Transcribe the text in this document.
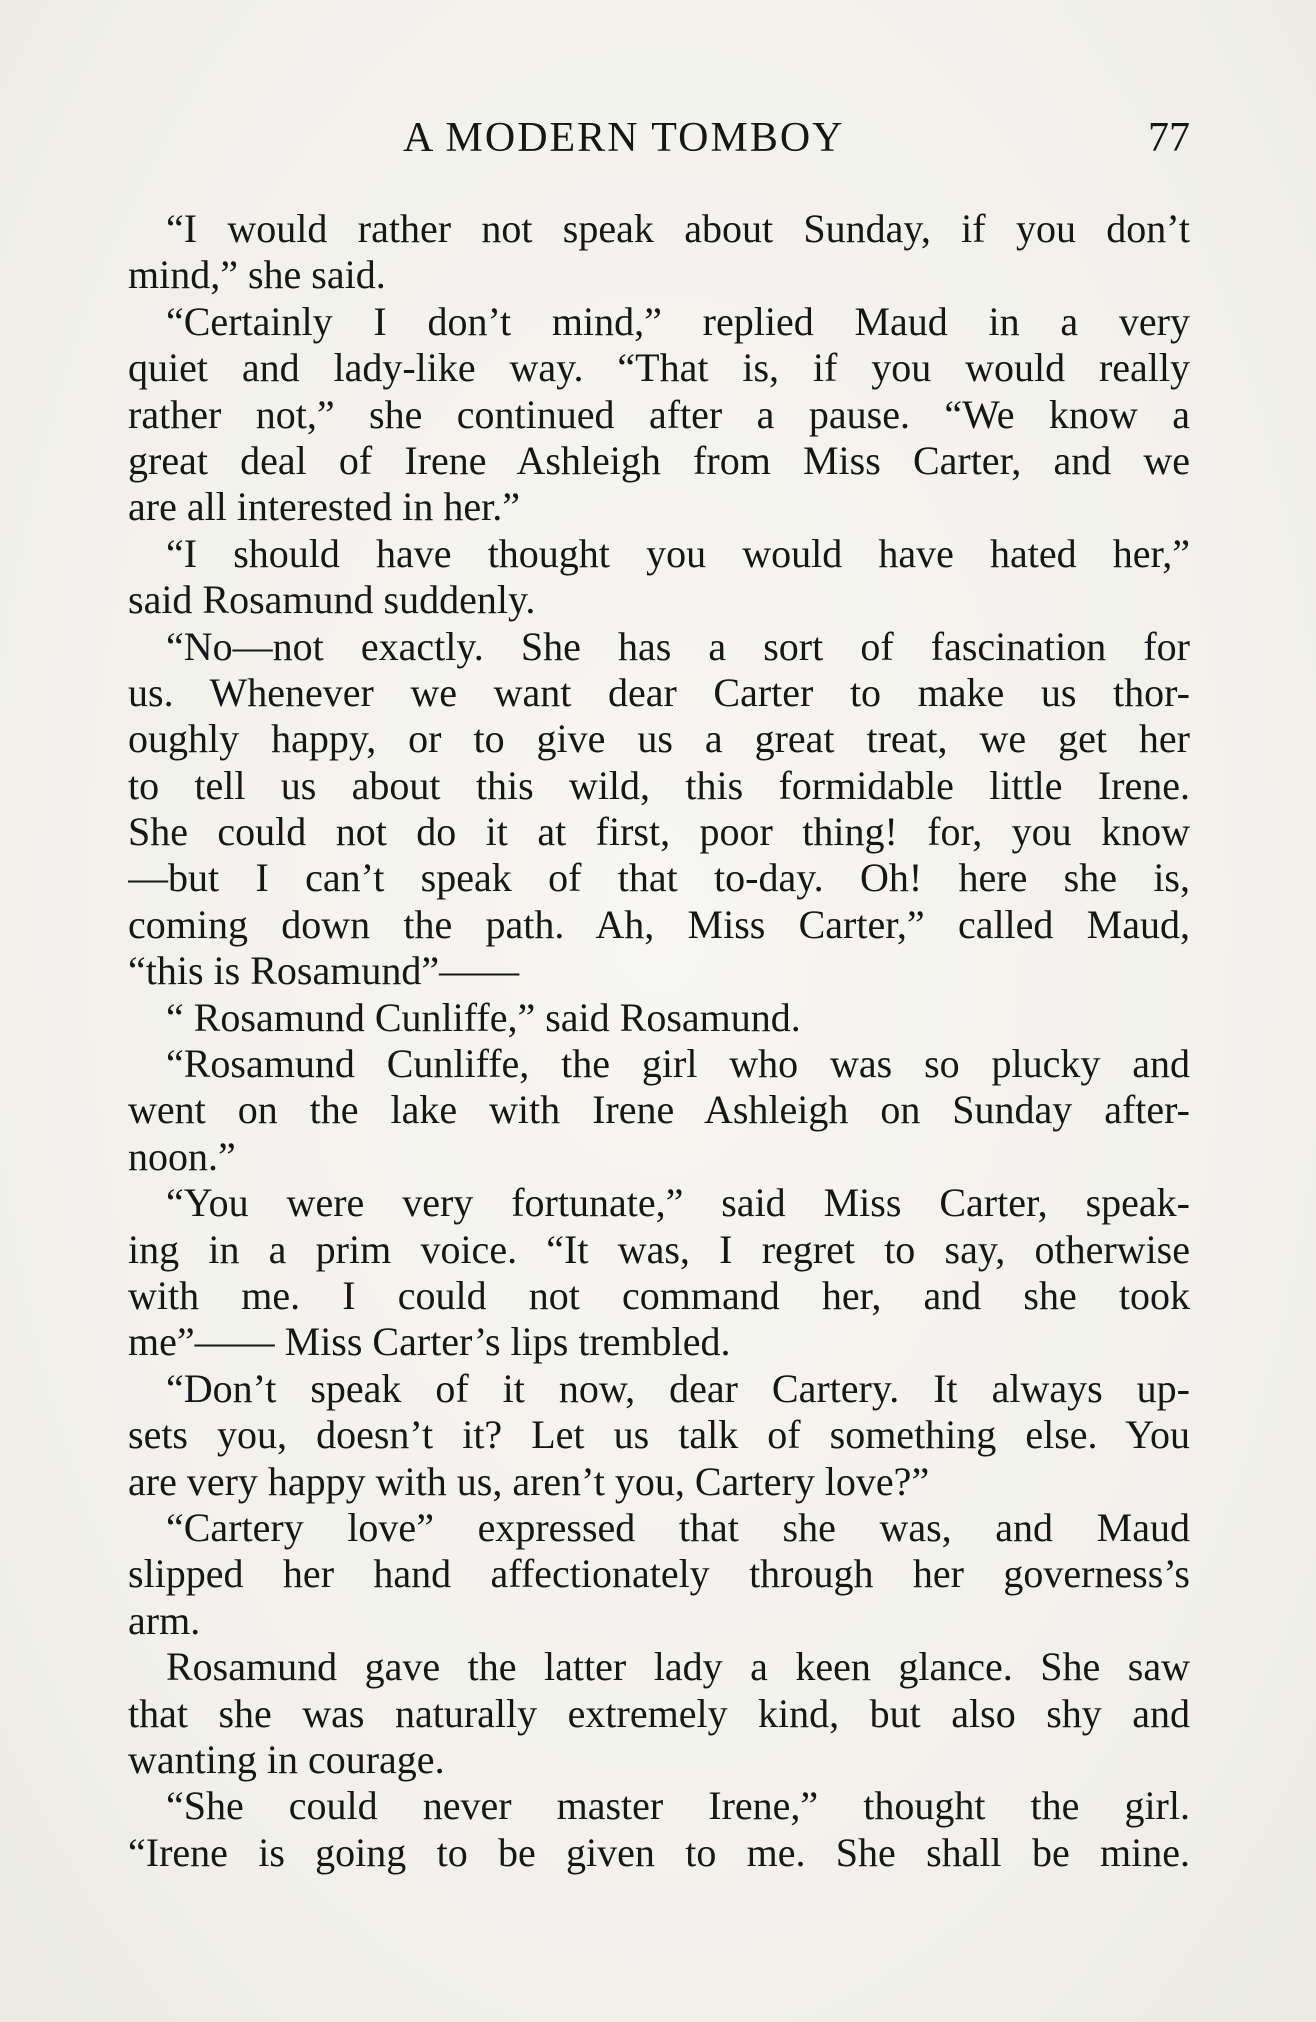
A MODERN TOMBOY	77
“I would rather not speak about Sunday, if you don’t
mind,” she said.
“Certainly I don’t mind,” replied Maud in a very
quiet and lady-like way. “That is, if you would really
rather not,” she continued after a pause. “We know a
great deal of Irene Ashleigh from Miss Carter, and we
are all interested in her.”
“I should have thought you would have hated her,”
said Rosamund suddenly.
“No—not exactly. She has a sort of fascination for
us. Whenever we want dear Carter to make us thor-
oughly happy, or to give us a great treat, we get her
to tell us about this wild, this formidable little Irene.
She could not do it at first, poor thing! for, you know
—but I can’t speak of that to-day. Oh! here she is,
coming down the path. Ah, Miss Carter,” called Maud,
“this is Rosamund”——
“ Rosamund Cunliffe,” said Rosamund.
“Rosamund Cunliffe, the girl who was so plucky and
went on the lake with Irene Ashleigh on Sunday after-
noon.”
“You were very fortunate,” said Miss Carter, speak-
ing in a prim voice. “It was, I regret to say, otherwise
with me. I could not command her, and she took
me”—— Miss Carter’s lips trembled.
“Don’t speak of it now, dear Cartery. It always up-
sets you, doesn’t it? Let us talk of something else. You
are very happy with us, aren’t you, Cartery love?”
“Cartery love” expressed that she was, and Maud
slipped her hand affectionately through her governess’s
arm.
Rosamund gave the latter lady a keen glance. She saw
that she was naturally extremely kind, but also shy and
wanting in courage.
“She could never master Irene,” thought the girl.
“Irene is going to be given to me. She shall be mine.
